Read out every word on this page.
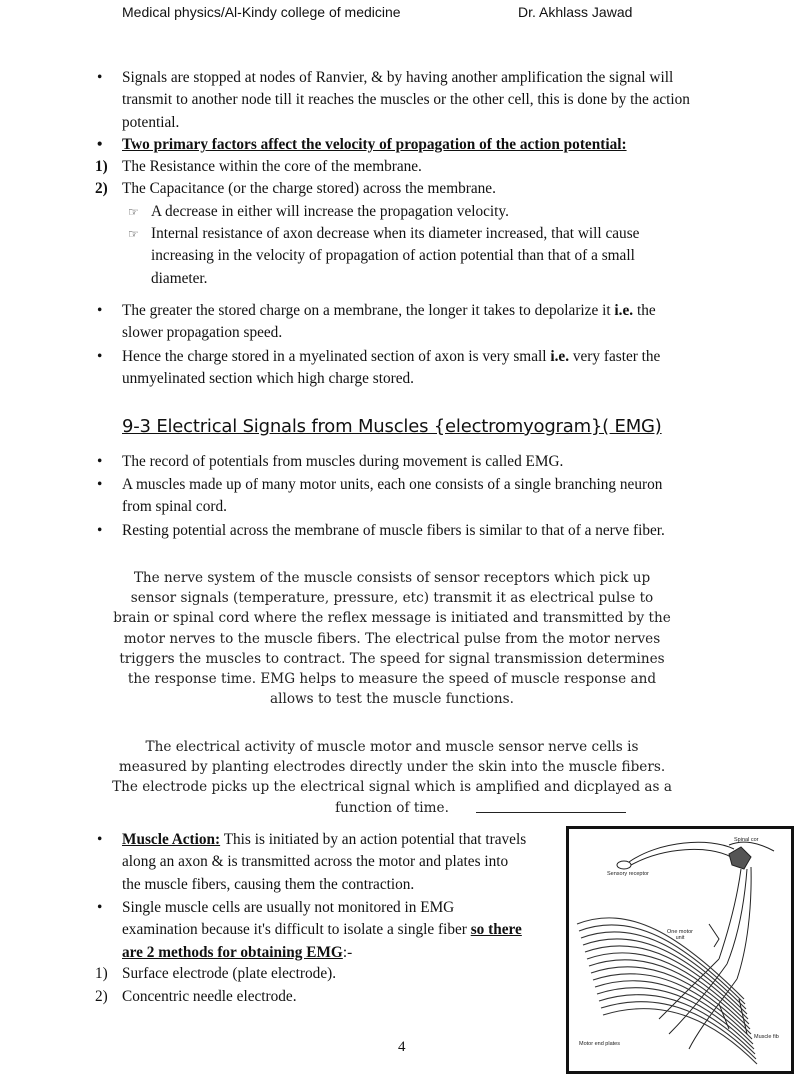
Medical physics/Al-Kindy college of medicine	Dr. Akhlass Jawad
• Signals are stopped at nodes of Ranvier, & by having another amplification the signal will transmit to another node till it reaches the muscles or the other cell, this is done by the action potential.
• Two primary factors affect the velocity of propagation of the action potential:
1) The Resistance within the core of the membrane.
2) The Capacitance (or the charge stored) across the membrane.
☞ A decrease in either will increase the propagation velocity.
☞ Internal resistance of axon decrease when its diameter increased, that will cause increasing in the velocity of propagation of action potential than that of a small diameter.
• The greater the stored charge on a membrane, the longer it takes to depolarize it i.e. the slower propagation speed.
• Hence the charge stored in a myelinated section of axon is very small i.e. very faster the unmyelinated section which high charge stored.
9-3 Electrical Signals from Muscles {electromyogram}( EMG)
• The record of potentials from muscles during movement is called EMG.
• A muscles made up of many motor units, each one consists of a single branching neuron from spinal cord.
• Resting potential across the membrane of muscle fibers is similar to that of a nerve fiber.
The nerve system of the muscle consists of sensor receptors which pick up sensor signals (temperature, pressure, etc) transmit it as electrical pulse to brain or spinal cord where the reflex message is initiated and transmitted by the motor nerves to the muscle fibers. The electrical pulse from the motor nerves triggers the muscles to contract. The speed for signal transmission determines the response time. EMG helps to measure the speed of muscle response and allows to test the muscle functions.
The electrical activity of muscle motor and muscle sensor nerve cells is measured by planting electrodes directly under the skin into the muscle fibers. The electrode picks up the electrical signal which is amplified and dicplayed as a function of time.
• Muscle Action: This is initiated by an action potential that travels along an axon & is transmitted across the motor and plates into the muscle fibers, causing them the contraction.
• Single muscle cells are usually not monitored in EMG examination because it's difficult to isolate a single fiber so there are 2 methods for obtaining EMG:-
1) Surface electrode (plate electrode).
2) Concentric needle electrode.
Spinal cor
Sensory receptor
One motor unit
Muscle fib
Motor end plates
4
